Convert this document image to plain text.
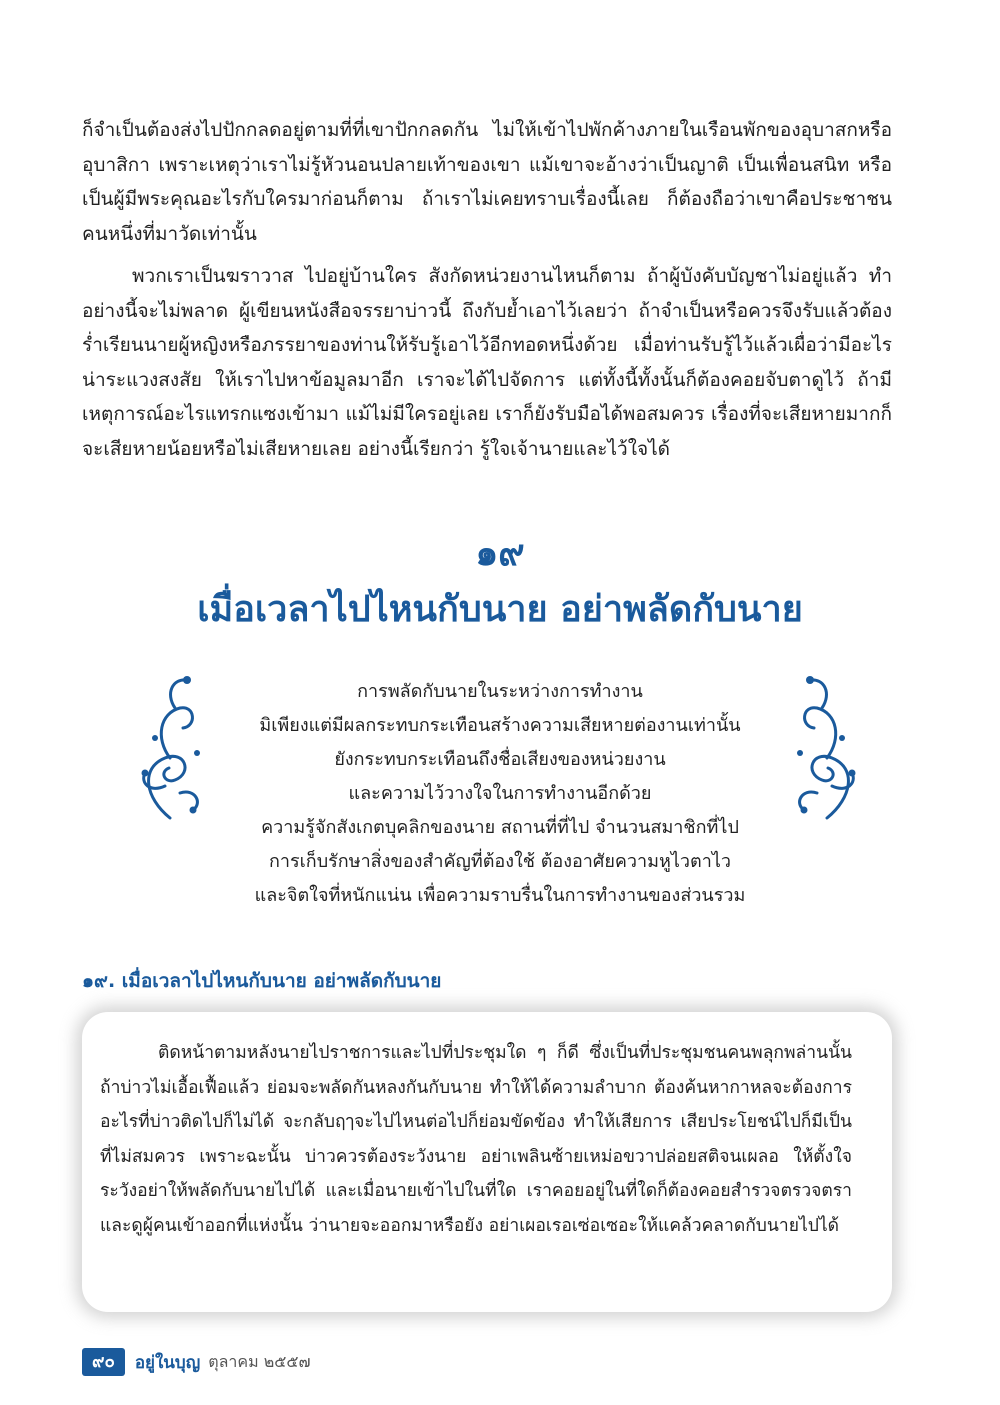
ก็จำเป็นต้องส่งไปปักกลดอยู่ตามที่ที่เขาปักกลดกัน ไม่ให้เข้าไปพักค้างภายในเรือนพักของอุบาสกหรืออุบาสิกา เพราะเหตุว่าเราไม่รู้หัวนอนปลายเท้าของเขา แม้เขาจะอ้างว่าเป็นญาติ เป็นเพื่อนสนิท หรือเป็นผู้มีพระคุณอะไรกับใครมาก่อนก็ตาม ถ้าเราไม่เคยทราบเรื่องนี้เลย ก็ต้องถือว่าเขาคือประชาชนคนหนึ่งที่มาวัดเท่านั้น

พวกเราเป็นฆราวาส ไปอยู่บ้านใคร สังกัดหน่วยงานไหนก็ตาม ถ้าผู้บังคับบัญชาไม่อยู่แล้ว ทำอย่างนี้จะไม่พลาด ผู้เขียนหนังสือจรรยาบ่าวนี้ ถึงกับย้ำเอาไว้เลยว่า ถ้าจำเป็นหรือควรจึงรับแล้วต้องร่ำเรียนนายผู้หญิงหรือภรรยาของท่านให้รับรู้เอาไว้อีกทอดหนึ่งด้วย เมื่อท่านรับรู้ไว้แล้วเผื่อว่ามีอะไรน่าระแวงสงสัย ให้เราไปหาข้อมูลมาอีก เราจะได้ไปจัดการ แต่ทั้งนี้ทั้งนั้นก็ต้องคอยจับตาดูไว้ ถ้ามีเหตุการณ์อะไรแทรกแซงเข้ามา แม้ไม่มีใครอยู่เลย เราก็ยังรับมือได้พอสมควร เรื่องที่จะเสียหายมากก็จะเสียหายน้อยหรือไม่เสียหายเลย อย่างนี้เรียกว่า รู้ใจเจ้านายและไว้ใจได้

๑๙
เมื่อเวลาไปไหนกับนาย อย่าพลัดกับนาย
การพลัดกับนายในระหว่างการทำงาน
มิเพียงแต่มีผลกระทบกระเทือนสร้างความเสียหายต่องานเท่านั้น
ยังกระทบกระเทือนถึงชื่อเสียงของหน่วยงาน
และความไว้วางใจในการทำงานอีกด้วย
ความรู้จักสังเกตบุคลิกของนาย สถานที่ที่ไป จำนวนสมาชิกที่ไป
การเก็บรักษาสิ่งของสำคัญที่ต้องใช้ ต้องอาศัยความหูไวตาไว
และจิตใจที่หนักแน่น เพื่อความราบรื่นในการทำงานของส่วนรวม
๑๙. เมื่อเวลาไปไหนกับนาย อย่าพลัดกับนาย

ติดหน้าตามหลังนายไปราชการและไปที่ประชุมใด ๆ ก็ดี ซึ่งเป็นที่ประชุมชนคนพลุกพล่านนั้น ถ้าบ่าวไม่เอื้อเฟื้อแล้ว ย่อมจะพลัดกันหลงกันกับนาย ทำให้ได้ความลำบาก ต้องค้นหากาหลจะต้องการอะไรที่บ่าวติดไปก็ไม่ได้ จะกลับฤๅจะไปไหนต่อไปก็ย่อมขัดข้อง ทำให้เสียการ เสียประโยชน์ไปก็มีเป็นที่ไม่สมควร เพราะฉะนั้น บ่าวควรต้องระวังนาย อย่าเพลินซ้ายเหม่อขวาปล่อยสติจนเผลอ ให้ตั้งใจระวังอย่าให้พลัดกับนายไปได้ และเมื่อนายเข้าไปในที่ใด เราคอยอยู่ในที่ใดก็ต้องคอยสำรวจตรวจตราและดูผู้คนเข้าออกที่แห่งนั้น ว่านายจะออกมาหรือยัง อย่าเผอเรอเซ่อเซอะให้แคล้วคลาดกับนายไปได้

๙๐	อยู่ในบุญ ตุลาคม ๒๕๕๗
